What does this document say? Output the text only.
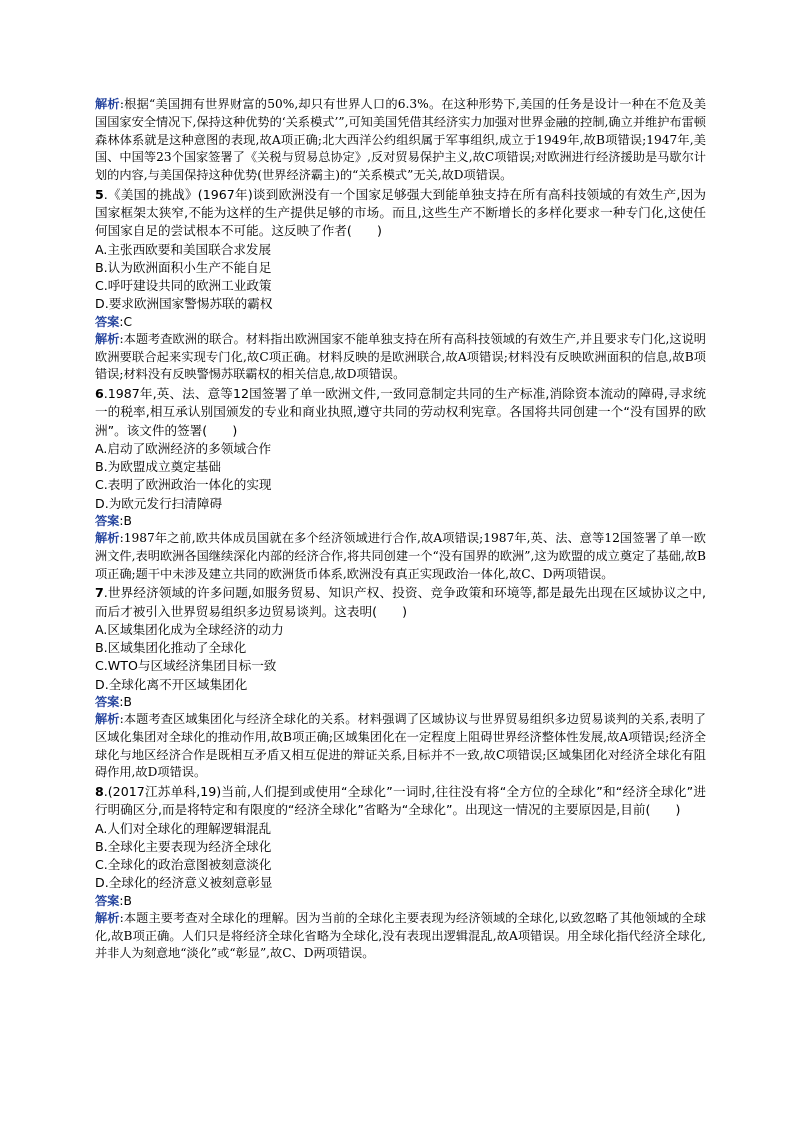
解析:根据“美国拥有世界财富的50%,却只有世界人口的6.3%。在这种形势下,美国的任务是设计一种在不危及美国国家安全情况下,保持这种优势的‘关系模式’”,可知美国凭借其经济实力加强对世界金融的控制,确立并维护布雷顿森林体系就是这种意图的表现,故A项正确;北大西洋公约组织属于军事组织,成立于1949年,故B项错误;1947年,美国、中国等23个国家签署了《关税与贸易总协定》,反对贸易保护主义,故C项错误;对欧洲进行经济援助是马歇尔计划的内容,与美国保持这种优势(世界经济霸主)的“关系模式”无关,故D项错误。

5.《美国的挑战》(1967年)谈到欧洲没有一个国家足够强大到能单独支持在所有高科技领域的有效生产,因为国家框架太狭窄,不能为这样的生产提供足够的市场。而且,这些生产不断增长的多样化要求一种专门化,这使任何国家自足的尝试根本不可能。这反映了作者(　　)

A.主张西欧要和美国联合求发展
B.认为欧洲面积小生产不能自足
C.呼吁建设共同的欧洲工业政策
D.要求欧洲国家警惕苏联的霸权
答案:C

解析:本题考查欧洲的联合。材料指出欧洲国家不能单独支持在所有高科技领域的有效生产,并且要求专门化,这说明欧洲要联合起来实现专门化,故C项正确。材料反映的是欧洲联合,故A项错误;材料没有反映欧洲面积的信息,故B项错误;材料没有反映警惕苏联霸权的相关信息,故D项错误。

6.1987年,英、法、意等12国签署了单一欧洲文件,一致同意制定共同的生产标准,消除资本流动的障碍,寻求统一的税率,相互承认别国颁发的专业和商业执照,遵守共同的劳动权利宪章。各国将共同创建一个“没有国界的欧洲”。该文件的签署(　　)

A.启动了欧洲经济的多领域合作
B.为欧盟成立奠定基础
C.表明了欧洲政治一体化的实现
D.为欧元发行扫清障碍
答案:B

解析:1987年之前,欧共体成员国就在多个经济领域进行合作,故A项错误;1987年,英、法、意等12国签署了单一欧洲文件,表明欧洲各国继续深化内部的经济合作,将共同创建一个“没有国界的欧洲”,这为欧盟的成立奠定了基础,故B项正确;题干中未涉及建立共同的欧洲货币体系,欧洲没有真正实现政治一体化,故C、D两项错误。

7.世界经济领域的许多问题,如服务贸易、知识产权、投资、竞争政策和环境等,都是最先出现在区域协议之中,而后才被引入世界贸易组织多边贸易谈判。这表明(　　)

A.区域集团化成为全球经济的动力
B.区域集团化推动了全球化
C.WTO与区域经济集团目标一致
D.全球化离不开区域集团化
答案:B

解析:本题考查区域集团化与经济全球化的关系。材料强调了区域协议与世界贸易组织多边贸易谈判的关系,表明了区域化集团对全球化的推动作用,故B项正确;区域集团化在一定程度上阻碍世界经济整体性发展,故A项错误;经济全球化与地区经济合作是既相互矛盾又相互促进的辩证关系,目标并不一致,故C项错误;区域集团化对经济全球化有阻碍作用,故D项错误。

8.(2017江苏单科,19)当前,人们提到或使用“全球化”一词时,往往没有将“全方位的全球化”和“经济全球化”进行明确区分,而是将特定和有限度的“经济全球化”省略为“全球化”。出现这一情况的主要原因是,目前(　　)

A.人们对全球化的理解逻辑混乱
B.全球化主要表现为经济全球化
C.全球化的政治意图被刻意淡化
D.全球化的经济意义被刻意彰显
答案:B

解析:本题主要考查对全球化的理解。因为当前的全球化主要表现为经济领域的全球化,以致忽略了其他领域的全球化,故B项正确。人们只是将经济全球化省略为全球化,没有表现出逻辑混乱,故A项错误。用全球化指代经济全球化,并非人为刻意地“淡化”或“彰显”,故C、D两项错误。
